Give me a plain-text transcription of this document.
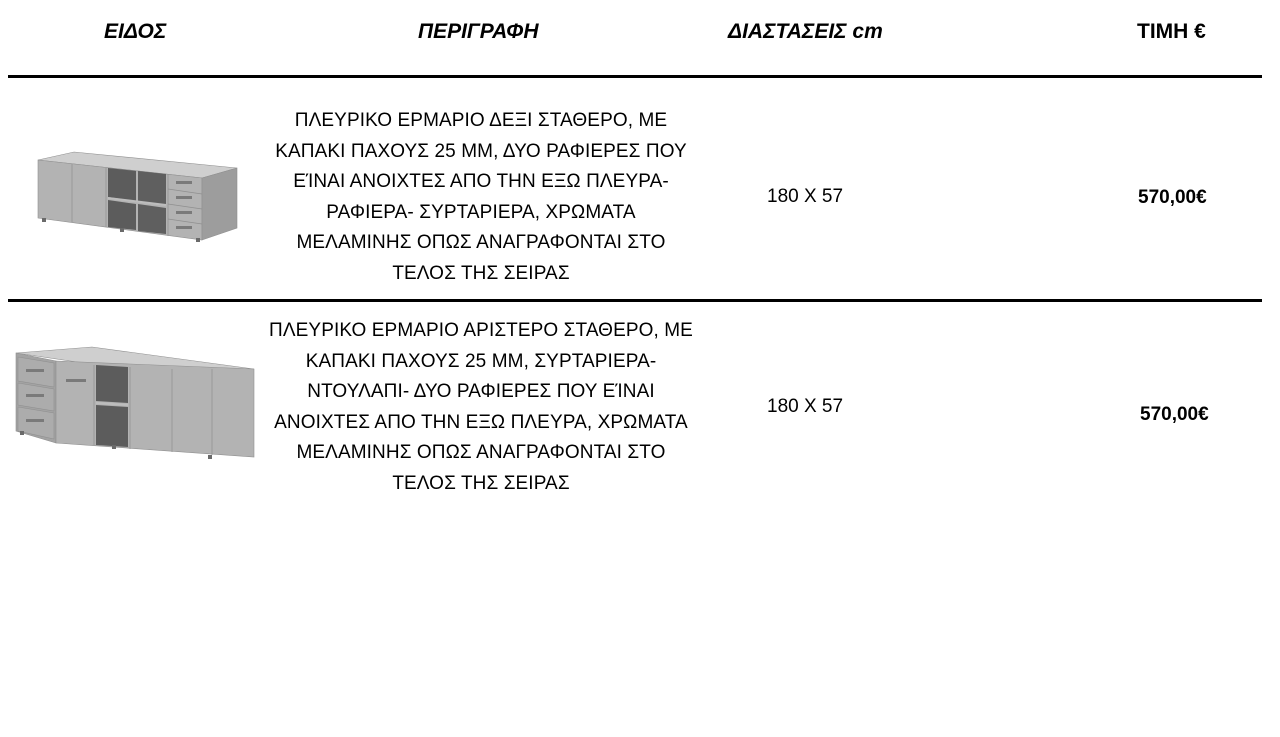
ΕΙΔΟΣ	ΠΕΡΙΓΡΑΦΗ	ΔΙΑΣΤΑΣΕΙΣ cm	ΤΙΜΗ €
ΠΛΕΥΡΙΚΟ ΕΡΜΑΡΙΟ ΔΕΞΙ ΣΤΑΘΕΡΟ, ΜΕ
ΚΑΠΑΚΙ ΠΑΧΟΥΣ 25 ΜΜ, ΔΥΟ ΡΑΦΙΕΡΕΣ ΠΟΥ
ΕΊΝΑΙ ΑΝΟΙΧΤΕΣ ΑΠΟ ΤΗΝ ΕΞΩ ΠΛΕΥΡΑ-
ΡΑΦΙΕΡΑ- ΣΥΡΤΑΡΙΕΡΑ, ΧΡΩΜΑΤΑ
ΜΕΛΑΜΙΝΗΣ ΟΠΩΣ ΑΝΑΓΡΑΦΟΝΤΑΙ ΣΤΟ
ΤΕΛΟΣ ΤΗΣ ΣΕΙΡΑΣ
180 X 57	570,00€
ΠΛΕΥΡΙΚΟ ΕΡΜΑΡΙΟ ΑΡΙΣΤΕΡΟ ΣΤΑΘΕΡΟ, ΜΕ
ΚΑΠΑΚΙ ΠΑΧΟΥΣ 25 ΜΜ, ΣΥΡΤΑΡΙΕΡΑ-
ΝΤΟΥΛΑΠΙ- ΔΥΟ ΡΑΦΙΕΡΕΣ ΠΟΥ ΕΊΝΑΙ
ΑΝΟΙΧΤΕΣ ΑΠΟ ΤΗΝ ΕΞΩ ΠΛΕΥΡΑ, ΧΡΩΜΑΤΑ
ΜΕΛΑΜΙΝΗΣ ΟΠΩΣ ΑΝΑΓΡΑΦΟΝΤΑΙ ΣΤΟ
ΤΕΛΟΣ ΤΗΣ ΣΕΙΡΑΣ
180 X 57	570,00€
